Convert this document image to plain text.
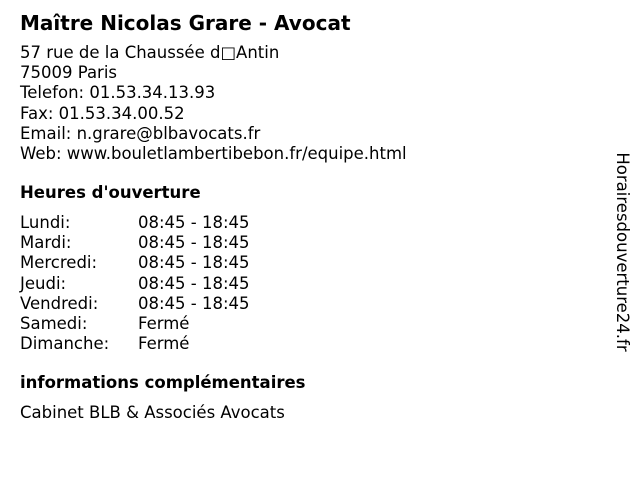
Maître Nicolas Grare - Avocat
57 rue de la Chaussée d□Antin
75009 Paris
Telefon: 01.53.34.13.93
Fax: 01.53.34.00.52
Email: n.grare@blbavocats.fr
Web: www.bouletlambertibebon.fr/equipe.html
Heures d'ouverture
Lundi:	08:45 - 18:45
Mardi:	08:45 - 18:45
Mercredi: 08:45 - 18:45
Jeudi:	08:45 - 18:45
Vendredi: 08:45 - 18:45
Samedi:	Fermé
Dimanche: Fermé
informations complémentaires
Cabinet BLB & Associés Avocats
Horairesdouverture24.fr
